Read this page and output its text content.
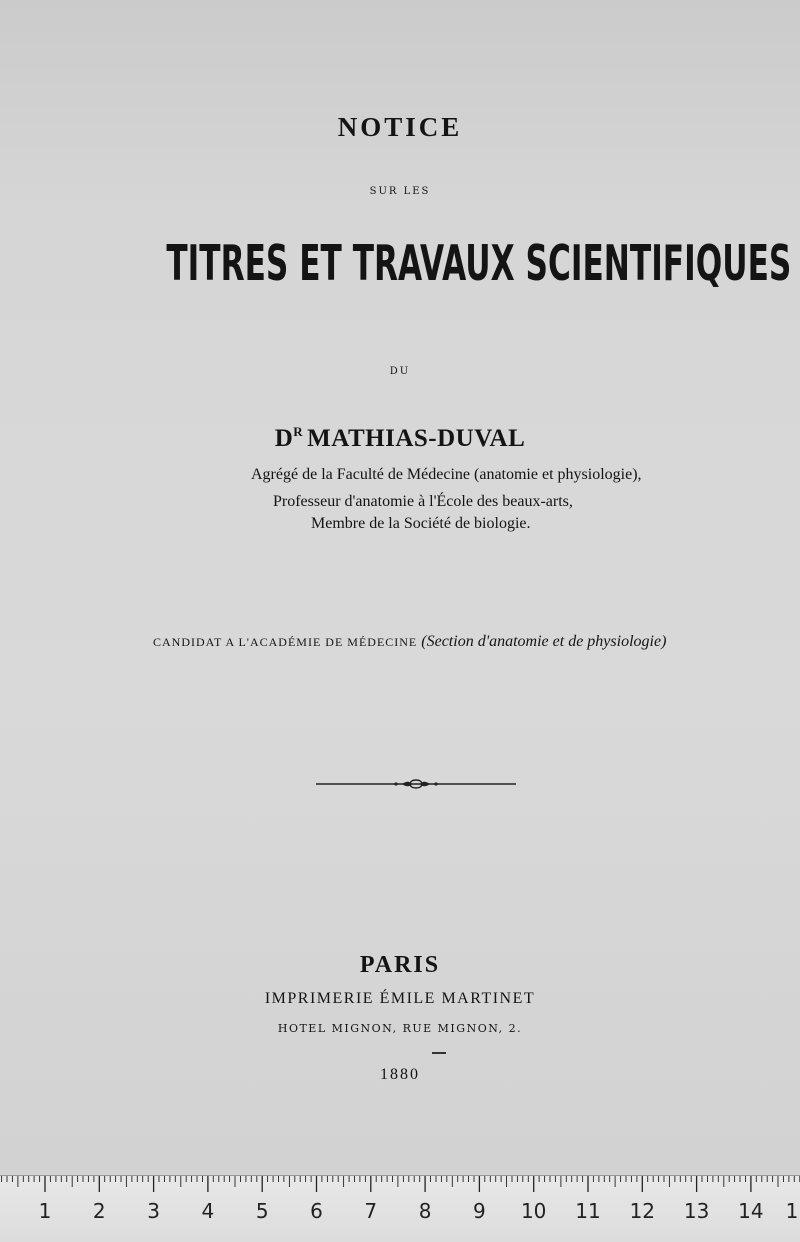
NOTICE
SUR LES
TITRES ET TRAVAUX SCIENTIFIQUES
DU
$D^R$ MATHIAS-DUVAL
Agrégé de la Faculté de Médecine (anatomie et physiologie),
Professeur d'anatomie à l'École des beaux-arts,
Membre de la Société de biologie.
CANDIDAT A L'ACADÉMIE DE MÉDECINE (Section d'anatomie et de physiologie)
PARIS
IMPRIMERIE ÉMILE MARTINET
HOTEL MIGNON, RUE MIGNON, 2.
1880
1 2 3 4 5 6 7 8 9 10 11 12 13 14 1
